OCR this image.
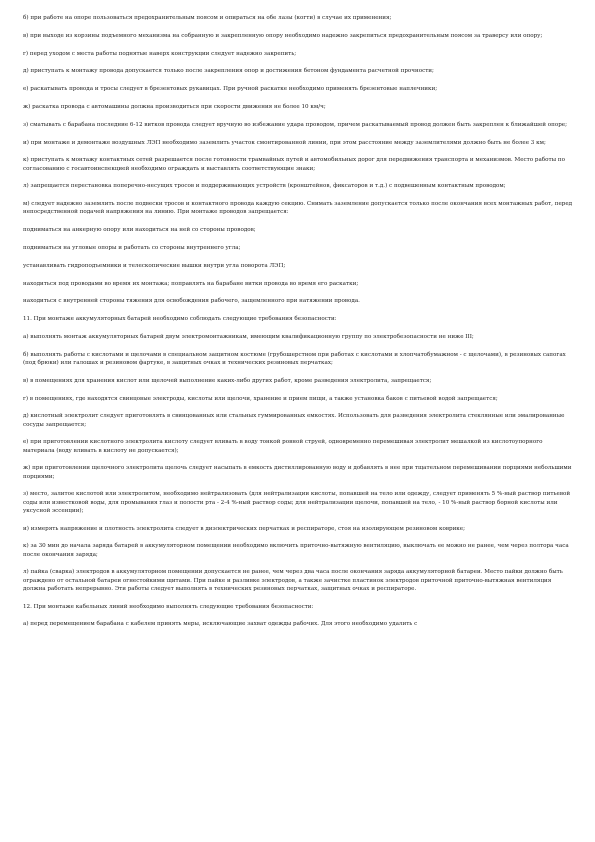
б) при работе на опоре пользоваться предохранительным поясом и опираться на обе лазы (когти) в случае их применения;

в) при выходе из корзины подъемного механизма на собранную и закрепленную опору необходимо надежно закрепиться предохранительным поясом за траверсу или опору;

г) перед уходом с места работы поднятые наверх конструкции следует надежно закрепить;

д) приступать к монтажу провода допускается только после закрепления опор и достижения бетоном фундамента расчетной прочности;

е) раскатывать провода и тросы следует в брезентовых рукавицах. При ручной раскатке необходимо применять брезентовые наплечники;

ж) раскатка провода с автомашины должна производиться при скорости движения не более 10 км/ч;

з) сматывать с барабана последние 6-12 витков провода следует вручную во избежание удара проводом, причем раскатываемый провод должен быть закреплен к ближайшей опоре;

и) при монтаже и демонтаже воздушных ЛЭП необходимо заземлить участок смонтированной линии, при этом расстояние между заземлителями должно быть не более 3 км;

к) приступать к монтажу контактных сетей разрешается после готовности трамвайных путей и автомобильных дорог для передвижения транспорта и механизмов. Место работы по согласованию с госавтоинспекцией необходимо ограждать и выставлять соответствующие знаки;

л) запрещается перестановка поперечно-несущих тросов и поддерживающих устройств (кронштейнов, фиксаторов и т.д.) с подвешенным контактным проводом;

м) следует надежно заземлить после подвески тросов и контактного провода каждую секцию. Снимать заземление допускается только после окончания всех монтажных работ, перед непосредственной подачей напряжения на линию. При монтаже проводов запрещается:

подниматься на анкерную опору или находиться на ней со стороны проводов;

подниматься на угловые опоры и работать со стороны внутреннего угла;

устанавливать гидроподъемники и телескопические вышки внутри угла поворота ЛЭП;

находиться под проводами во время их монтажа; поправлять на барабане витки провода во время его раскатки;

находиться с внутренней стороны тяжения для освобождения рабочего, защемленного при натяжении провода.

11. При монтаже аккумуляторных батарей необходимо соблюдать следующие требования безопасности:

а) выполнять монтаж аккумуляторных батарей двум электромонтажникам, имеющим квалификационную группу по электробезопасности не ниже III;

б) выполнять работы с кислотами и щелочами в специальном защитном костюме (грубошерстном при работах с кислотами и хлопчатобумажном - с щелочами), в резиновых сапогах (под брюки) или галошах и резиновом фартуке, в защитных очках и технических резиновых перчатках;

в) в помещениях для хранения кислот или щелочей выполнение каких-либо других работ, кроме разведения электролита, запрещается;

г) в помещениях, где находятся свинцовые электроды, кислоты или щелочи, хранение и прием пищи, а также установка баков с питьевой водой запрещается;

д) кислотный электролит следует приготовлять в свинцованных или стальных гуммированных емкостях. Использовать для разведения электролита стеклянные или эмалированные сосуды запрещается;

е) при приготовлении кислотного электролита кислоту следует вливать в воду тонкой ровной струей, одновременно перемешивая электролит мешалкой из кислотоупорного материала (воду вливать в кислоту не допускается);

ж) при приготовлении щелочного электролита щелочь следует насыпать в емкость дистиллированную воду и добавлять в нее при тщательном перемешивании порциями небольшими порциями;

з) место, залитое кислотой или электролитом, необходимо нейтрализовать (для нейтрализации кислоты, попавшей на тело или одежду, следует применять 5 %-ный раствор питьевой соды или известковой воды, для промывания глаз и полости рта - 2-4 %-ный раствор соды; для нейтрализации щелочи, попавшей на тело, - 10 %-ный раствор борной кислоты или уксусной эссенции);

и) измерять напряжение и плотность электролита следует в диэлектрических перчатках и респираторе, стоя на изолирующем резиновом коврике;

к) за 30 мин до начала заряда батарей в аккумуляторном помещении необходимо включить приточно-вытяжную вентиляцию, выключать ее можно не ранее, чем через полтора часа после окончания заряда;

л) пайка (сварка) электродов в аккумуляторном помещении допускается не ранее, чем через два часа после окончания заряда аккумуляторной батареи. Место пайки должно быть ограждено от остальной батареи огнестойкими щитами. При пайке и разливке электродов, а также зачистке пластинок электродов приточной приточно-вытяжная вентиляция должна работать непрерывно. Эти работы следует выполнять в технических резиновых перчатках, защитных очках и респираторе.

12. При монтаже кабельных линий необходимо выполнять следующие требования безопасности:

а) перед перемещением барабана с кабелем принять меры, исключающие захват одежды рабочих. Для этого необходимо удалить с
